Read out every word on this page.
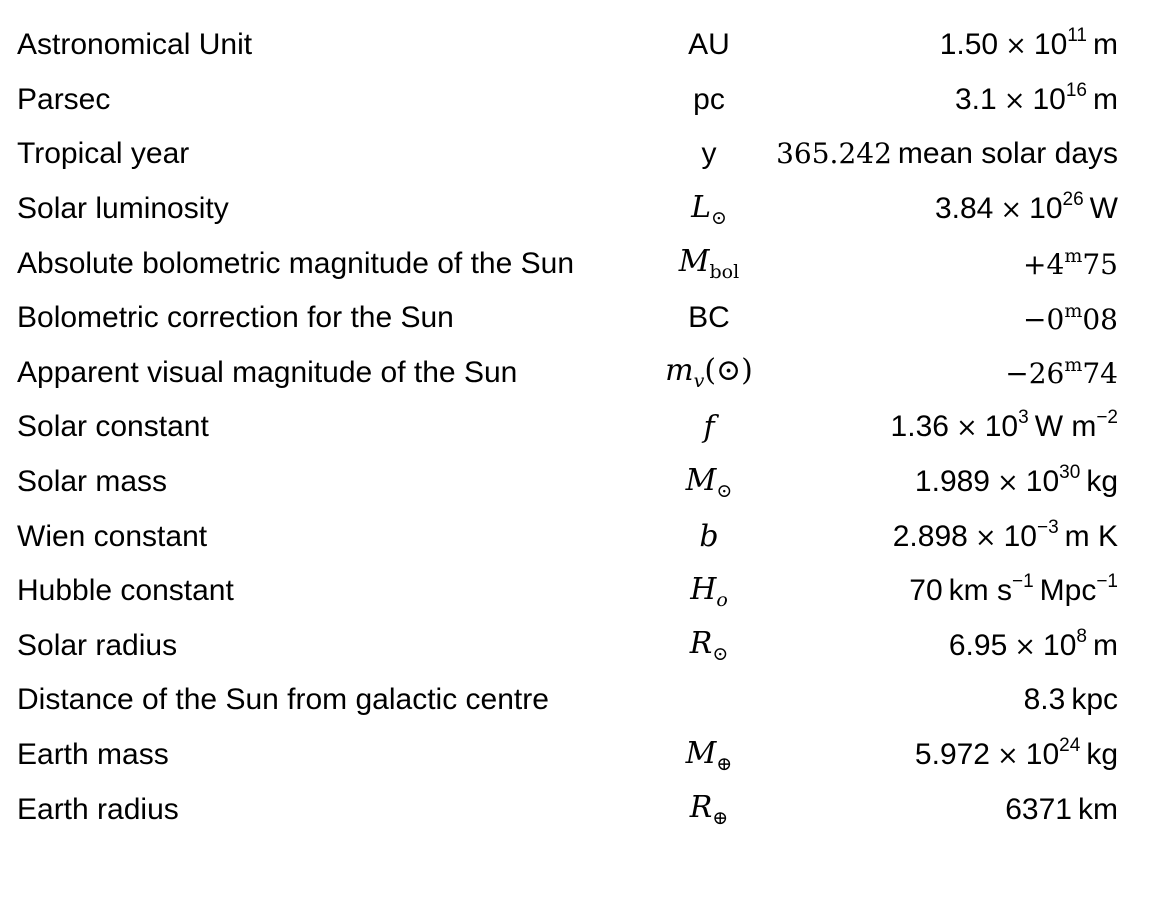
Astronomical Unit	AU	$1.50 \times 10^{11}$ m
Parsec	pc	$3.1 \times 10^{16}$ m
Tropical year	y	365.242 mean solar days
Solar luminosity	$L_⊙$	$3.84 \times 10^{26}$ W
Absolute bolometric magnitude of the Sun	$M_{bol}$	$+4^m75$
Bolometric correction for the Sun	BC	$-0^m08$
Apparent visual magnitude of the Sun	$m_v(⊙)$	$-26^m74$
Solar constant	f	$1.36 \times 10^3$ W $m^{-2}$
Solar mass	$M_⊙$	$1.989 \times 10^{30}$ kg
Wien constant	b	$2.898 \times 10^{-3}$ m K
Hubble constant	$H_o$	70 km $s^{-1}$ Mpc$^{-1}$
Solar radius	$R_⊙$	$6.95 \times 10^8$ m
Distance of the Sun from galactic centre		8.3 kpc
Earth mass	$M_\oplus$	$5.972 \times 10^{24}$ kg
Earth radius	$R_\oplus$	6371 km
